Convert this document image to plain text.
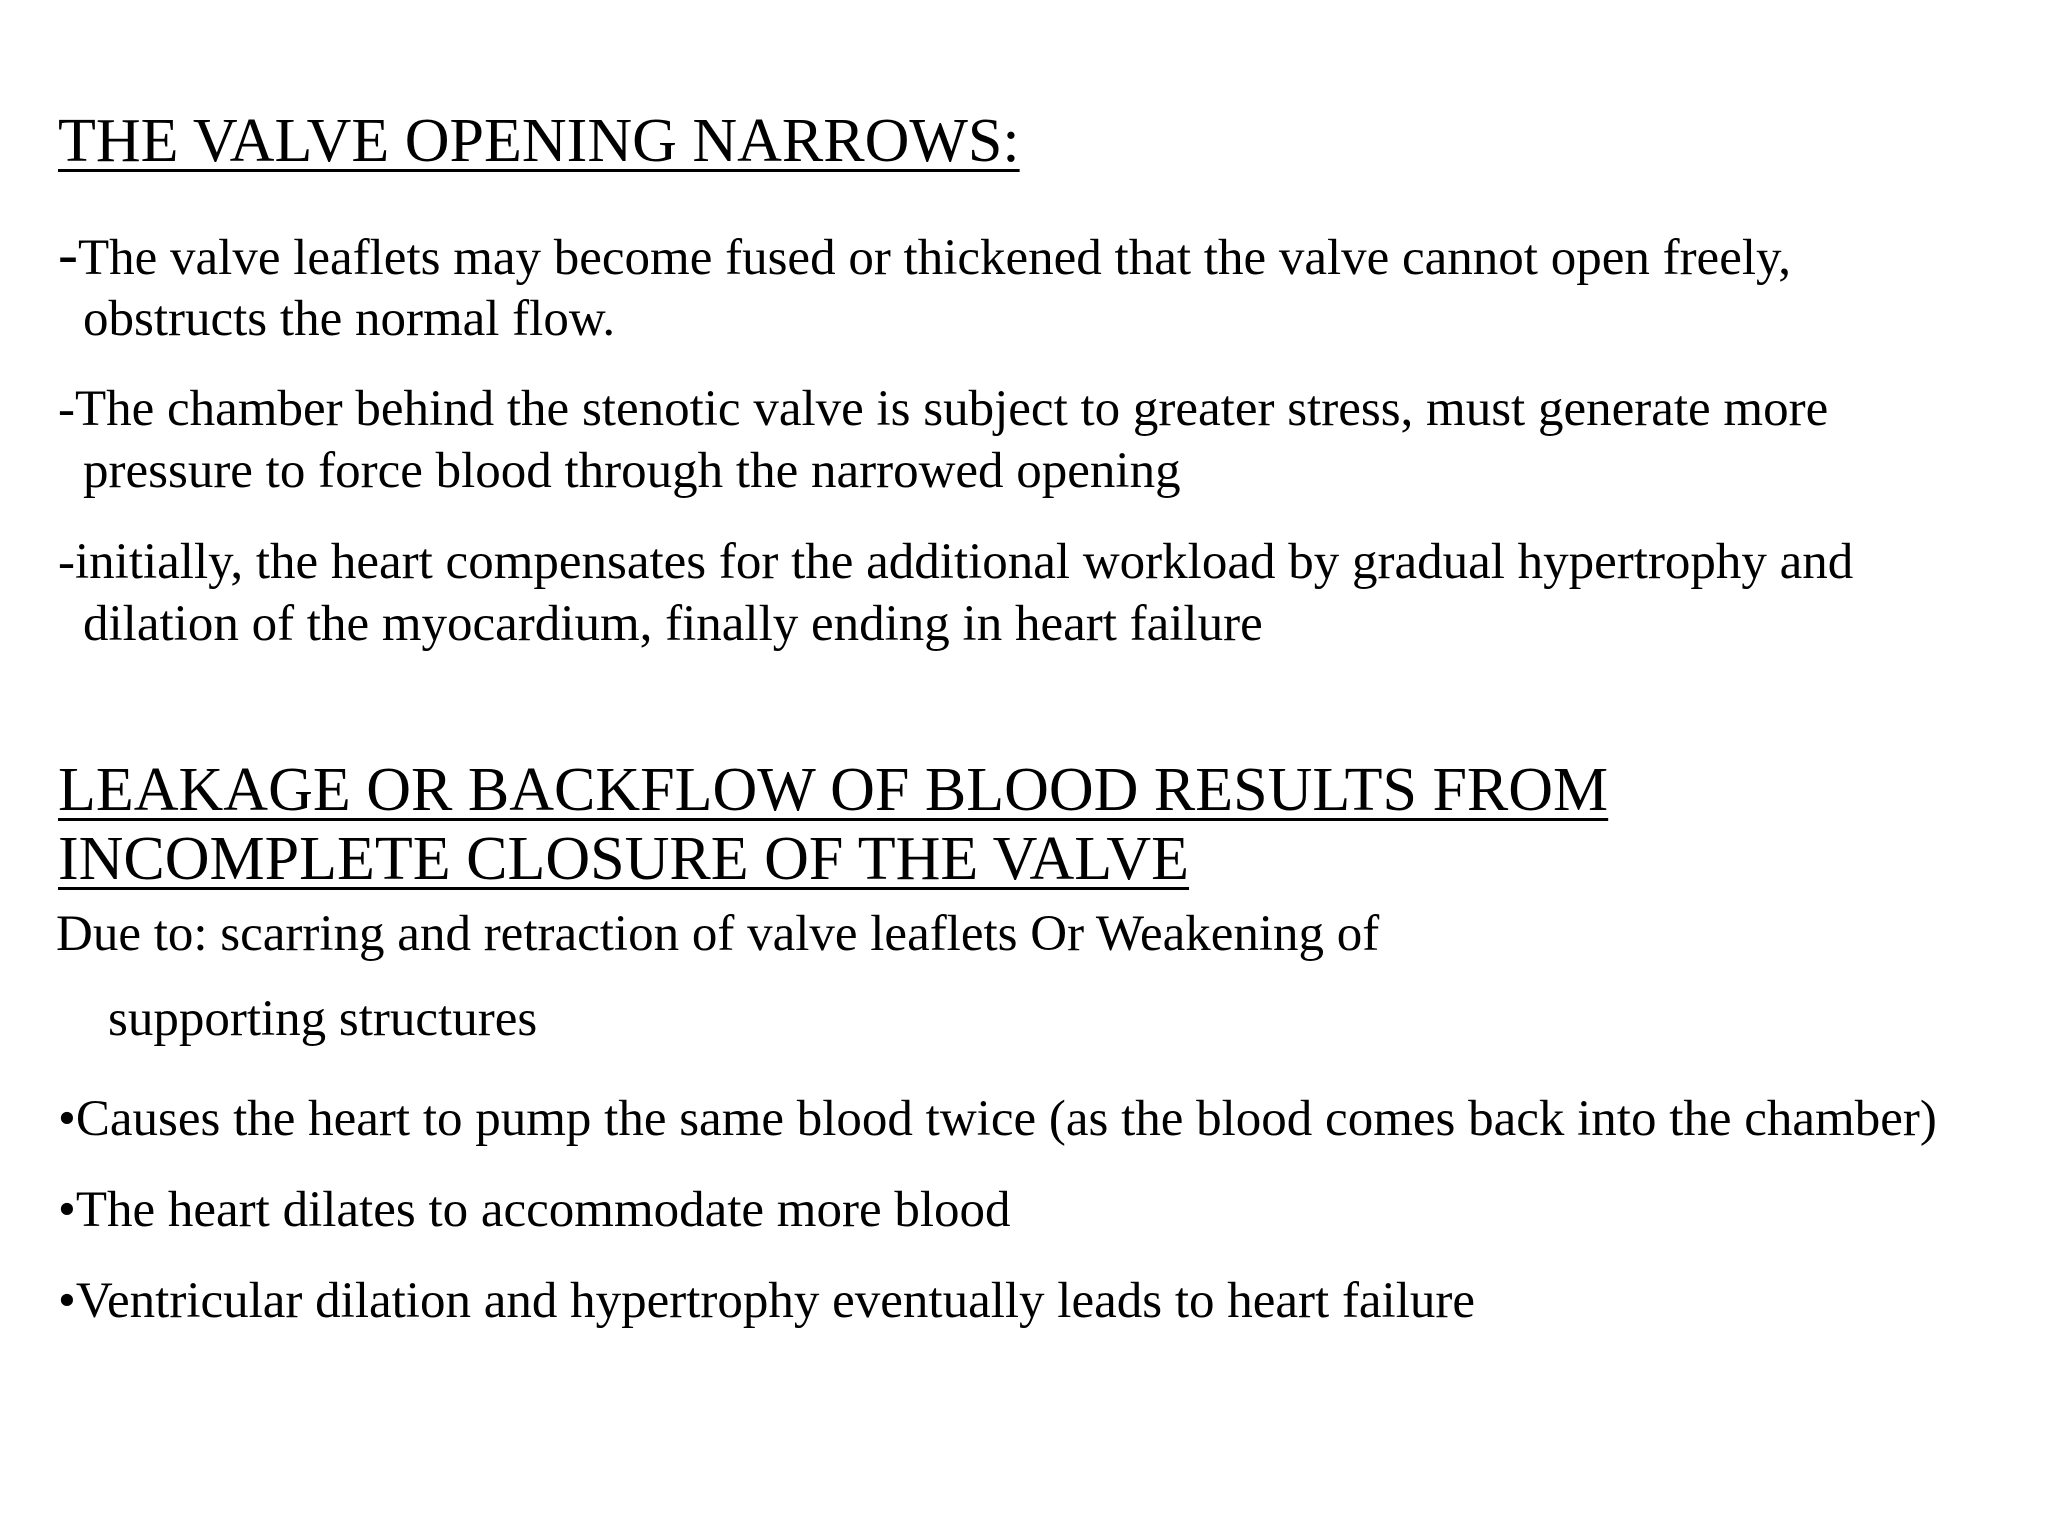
THE VALVE OPENING NARROWS:
-The valve leaflets may become fused or thickened that the valve cannot open freely,
obstructs the normal flow.
-The chamber behind the stenotic valve is subject to greater stress, must generate more
pressure to force blood through the narrowed opening
-initially, the heart compensates for the additional workload by gradual hypertrophy and
dilation of the myocardium, finally ending in heart failure
LEAKAGE OR BACKFLOW OF BLOOD RESULTS FROM
INCOMPLETE CLOSURE OF THE VALVE
Due to: scarring and retraction of valve leaflets Or Weakening of
supporting structures
•Causes the heart to pump the same blood twice (as the blood comes back into the chamber)
•The heart dilates to accommodate more blood
•Ventricular dilation and hypertrophy eventually leads to heart failure
